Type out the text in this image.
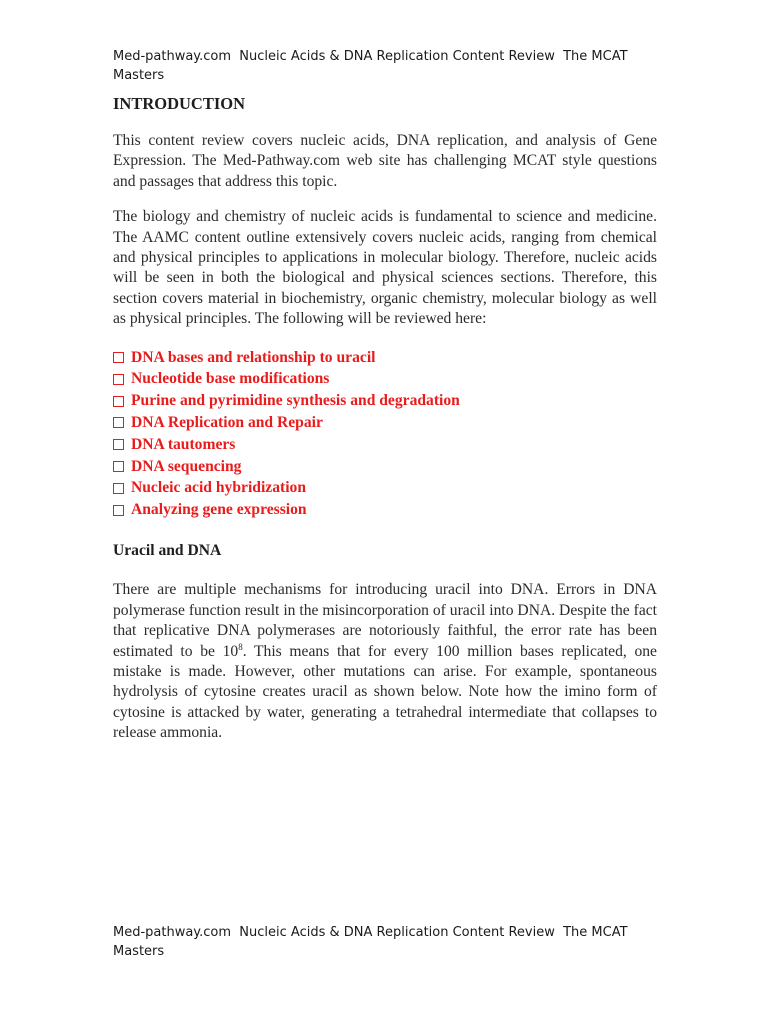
Med-pathway.com  Nucleic Acids & DNA Replication Content Review  The MCAT
Masters
INTRODUCTION

This content review covers nucleic acids, DNA replication, and analysis of Gene Expression. The Med-Pathway.com web site has challenging MCAT style questions and passages that address this topic.

The biology and chemistry of nucleic acids is fundamental to science and medicine. The AAMC content outline extensively covers nucleic acids, ranging from chemical and physical principles to applications in molecular biology. Therefore, nucleic acids will be seen in both the biological and physical sciences sections. Therefore, this section covers material in biochemistry, organic chemistry, molecular biology as well as physical principles. The following will be reviewed here:

DNA bases and relationship to uracil
Nucleotide base modifications
Purine and pyrimidine synthesis and degradation
DNA Replication and Repair
DNA tautomers
DNA sequencing
Nucleic acid hybridization
Analyzing gene expression
Uracil and DNA

There are multiple mechanisms for introducing uracil into DNA. Errors in DNA polymerase function result in the misincorporation of uracil into DNA. Despite the fact that replicative DNA polymerases are notoriously faithful, the error rate has been estimated to be $10^8$. This means that for every 100 million bases replicated, one mistake is made. However, other mutations can arise. For example, spontaneous hydrolysis of cytosine creates uracil as shown below. Note how the imino form of cytosine is attacked by water, generating a tetrahedral intermediate that collapses to release ammonia.

Med-pathway.com  Nucleic Acids & DNA Replication Content Review  The MCAT
Masters
